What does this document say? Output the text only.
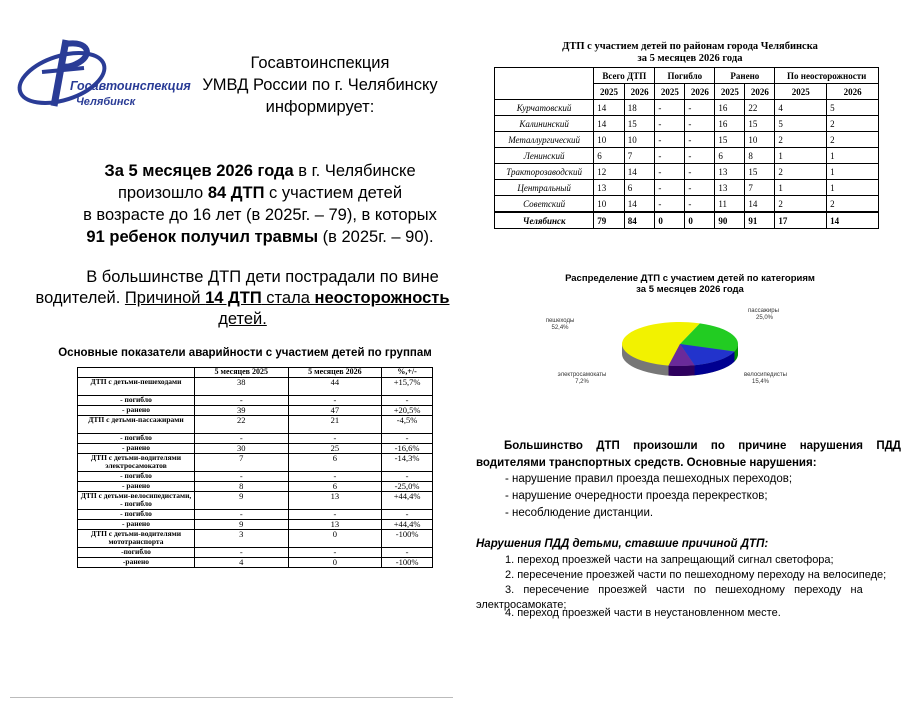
Госавтоинспекция
Челябинск
Госавтоинспекция
УМВД России по г. Челябинску
информирует:
За 5 месяцев 2026 года в г. Челябинске
произошло 84 ДТП с участием детей
в возрасте до 16 лет (в 2025г. – 79), в которых
91 ребенок получил травмы (в 2025г. – 90).
В большинстве ДТП дети пострадали по вине
водителей. Причиной 14 ДТП стала неосторожность
детей.
Основные показатели аварийности с участием детей по группам
	5 месяцев 2025	5 месяцев 2026	%,+/-
ДТП с детьми-пешеходами	38	44	+15,7%
- погибло	-	-	-
- ранено	39	47	+20,5%
ДТП с детьми-пассажирами	22	21	-4,5%
- погибло	-	-	-
- ранено	30	25	-16,6%
ДТП с детьми-водителями электросамокатов	7	6	-14,3%
- погибло	-	-	-
- ранено	8	6	-25,0%
ДТП с детьми-велосипедистами, - погибло	9	13	+44,4%
- погибло	-	-	-
- ранено	9	13	+44,4%
ДТП с детьми-водителями мототранспорта	3	0	-100%
-погибло	-	-	-
-ранено	4	0	-100%
ДТП с участием детей по районам города Челябинска
за 5 месяцев 2026 года
	Всего ДТП		Погибло		Ранено		По неосторожности	
	2025	2026	2025	2026	2025	2026	2025	2026
Курчатовский	14	18	-	-	16	22	4	5
Калининский	14	15	-	-	16	15	5	2
Металлургический	10	10	-	-	15	10	2	2
Ленинский	6	7	-	-	6	8	1	1
Тракторозаводский	12	14	-	-	13	15	2	1
Центральный	13	6	-	-	13	7	1	1
Советский	10	14	-	-	11	14	2	2
Челябинск	79	84	0	0	90	91	17	14
Распределение ДТП с участием детей по категориям
за 5 месяцев 2026 года
пешеходы
52,4%
пассажиры
25,0%
велосипедисты
15,4%
электросамокаты
7,2%
Большинство ДТП произошли по причине нарушения ПДД водителями транспортных средств. Основные нарушения:
- нарушение правил проезда пешеходных переходов;
- нарушение очередности проезда перекрестков;
- несоблюдение дистанции.
Нарушения ПДД детьми, ставшие причиной ДТП:
1. переход проезжей части на запрещающий сигнал светофора;
2. пересечение проезжей части по пешеходному переходу на велосипеде;
3.   пересечение   проезжей   части   по   пешеходному   переходу   на электросамокате;
4. переход проезжей части в неустановленном месте.
